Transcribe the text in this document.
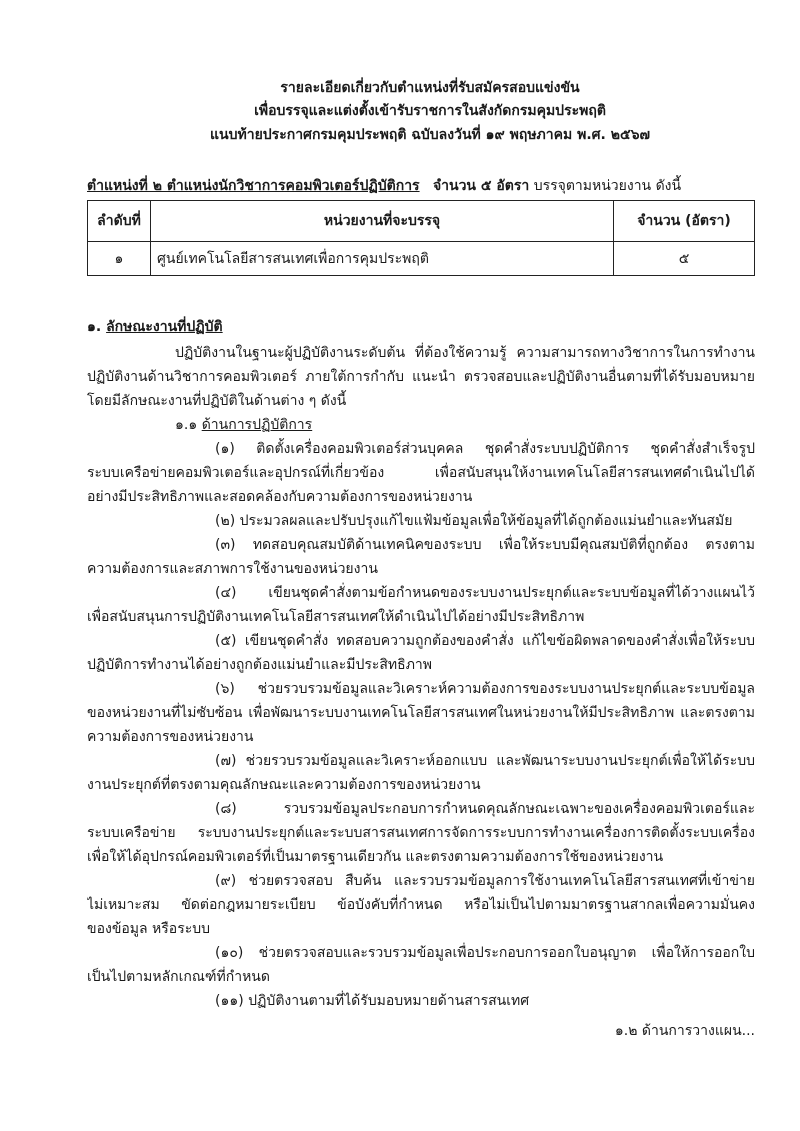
รายละเอียดเกี่ยวกับตำแหน่งที่รับสมัครสอบแข่งขัน
เพื่อบรรจุและแต่งตั้งเข้ารับราชการในสังกัดกรมคุมประพฤติ
แนบท้ายประกาศกรมคุมประพฤติ ฉบับลงวันที่ ๑๙ พฤษภาคม พ.ศ. ๒๕๖๗
ตำแหน่งที่ ๒ ตำแหน่งนักวิชาการคอมพิวเตอร์ปฏิบัติการ จำนวน ๕ อัตรา บรรจุตามหน่วยงาน ดังนี้
ลำดับที่	หน่วยงานที่จะบรรจุ	จำนวน (อัตรา)
๑	ศูนย์เทคโนโลยีสารสนเทศเพื่อการคุมประพฤติ	๕
๑. ลักษณะงานที่ปฏิบัติ
ปฏิบัติงานในฐานะผู้ปฏิบัติงานระดับต้น ที่ต้องใช้ความรู้ ความสามารถทางวิชาการในการทำงาน
ปฏิบัติงานด้านวิชาการคอมพิวเตอร์ ภายใต้การกำกับ แนะนำ ตรวจสอบและปฏิบัติงานอื่นตามที่ได้รับมอบหมาย
โดยมีลักษณะงานที่ปฏิบัติในด้านต่าง ๆ ดังนี้
๑.๑ ด้านการปฏิบัติการ
(๑) ติดตั้งเครื่องคอมพิวเตอร์ส่วนบุคคล ชุดคำสั่งระบบปฏิบัติการ ชุดคำสั่งสำเร็จรูป
ระบบเครือข่ายคอมพิวเตอร์และอุปกรณ์ที่เกี่ยวข้อง เพื่อสนับสนุนให้งานเทคโนโลยีสารสนเทศดำเนินไปได้
อย่างมีประสิทธิภาพและสอดคล้องกับความต้องการของหน่วยงาน
(๒) ประมวลผลและปรับปรุงแก้ไขแฟ้มข้อมูลเพื่อให้ข้อมูลที่ได้ถูกต้องแม่นยำและทันสมัย
(๓) ทดสอบคุณสมบัติด้านเทคนิคของระบบ เพื่อให้ระบบมีคุณสมบัติที่ถูกต้อง ตรงตาม
ความต้องการและสภาพการใช้งานของหน่วยงาน
(๔) เขียนชุดคำสั่งตามข้อกำหนดของระบบงานประยุกต์และระบบข้อมูลที่ได้วางแผนไว้
เพื่อสนับสนุนการปฏิบัติงานเทคโนโลยีสารสนเทศให้ดำเนินไปได้อย่างมีประสิทธิภาพ
(๕) เขียนชุดคำสั่ง ทดสอบความถูกต้องของคำสั่ง แก้ไขข้อผิดพลาดของคำสั่งเพื่อให้ระบบ
ปฏิบัติการทำงานได้อย่างถูกต้องแม่นยำและมีประสิทธิภาพ
(๖) ช่วยรวบรวมข้อมูลและวิเคราะห์ความต้องการของระบบงานประยุกต์และระบบข้อมูล
ของหน่วยงานที่ไม่ซับซ้อน เพื่อพัฒนาระบบงานเทคโนโลยีสารสนเทศในหน่วยงานให้มีประสิทธิภาพ และตรงตาม
ความต้องการของหน่วยงาน
(๗) ช่วยรวบรวมข้อมูลและวิเคราะห์ออกแบบ และพัฒนาระบบงานประยุกต์เพื่อให้ได้ระบบ
งานประยุกต์ที่ตรงตามคุณลักษณะและความต้องการของหน่วยงาน
(๘) รวบรวมข้อมูลประกอบการกำหนดคุณลักษณะเฉพาะของเครื่องคอมพิวเตอร์และ
ระบบเครือข่าย ระบบงานประยุกต์และระบบสารสนเทศการจัดการระบบการทำงานเครื่องการติดตั้งระบบเครื่อง
เพื่อให้ได้อุปกรณ์คอมพิวเตอร์ที่เป็นมาตรฐานเดียวกัน และตรงตามความต้องการใช้ของหน่วยงาน
(๙) ช่วยตรวจสอบ สืบค้น และรวบรวมข้อมูลการใช้งานเทคโนโลยีสารสนเทศที่เข้าข่าย
ไม่เหมาะสม ขัดต่อกฎหมายระเบียบ ข้อบังคับที่กำหนด หรือไม่เป็นไปตามมาตรฐานสากลเพื่อความมั่นคง
ของข้อมูล หรือระบบ
(๑๐) ช่วยตรวจสอบและรวบรวมข้อมูลเพื่อประกอบการออกใบอนุญาต เพื่อให้การออกใบ
เป็นไปตามหลักเกณฑ์ที่กำหนด
(๑๑) ปฏิบัติงานตามที่ได้รับมอบหมายด้านสารสนเทศ
๑.๒ ด้านการวางแผน...
